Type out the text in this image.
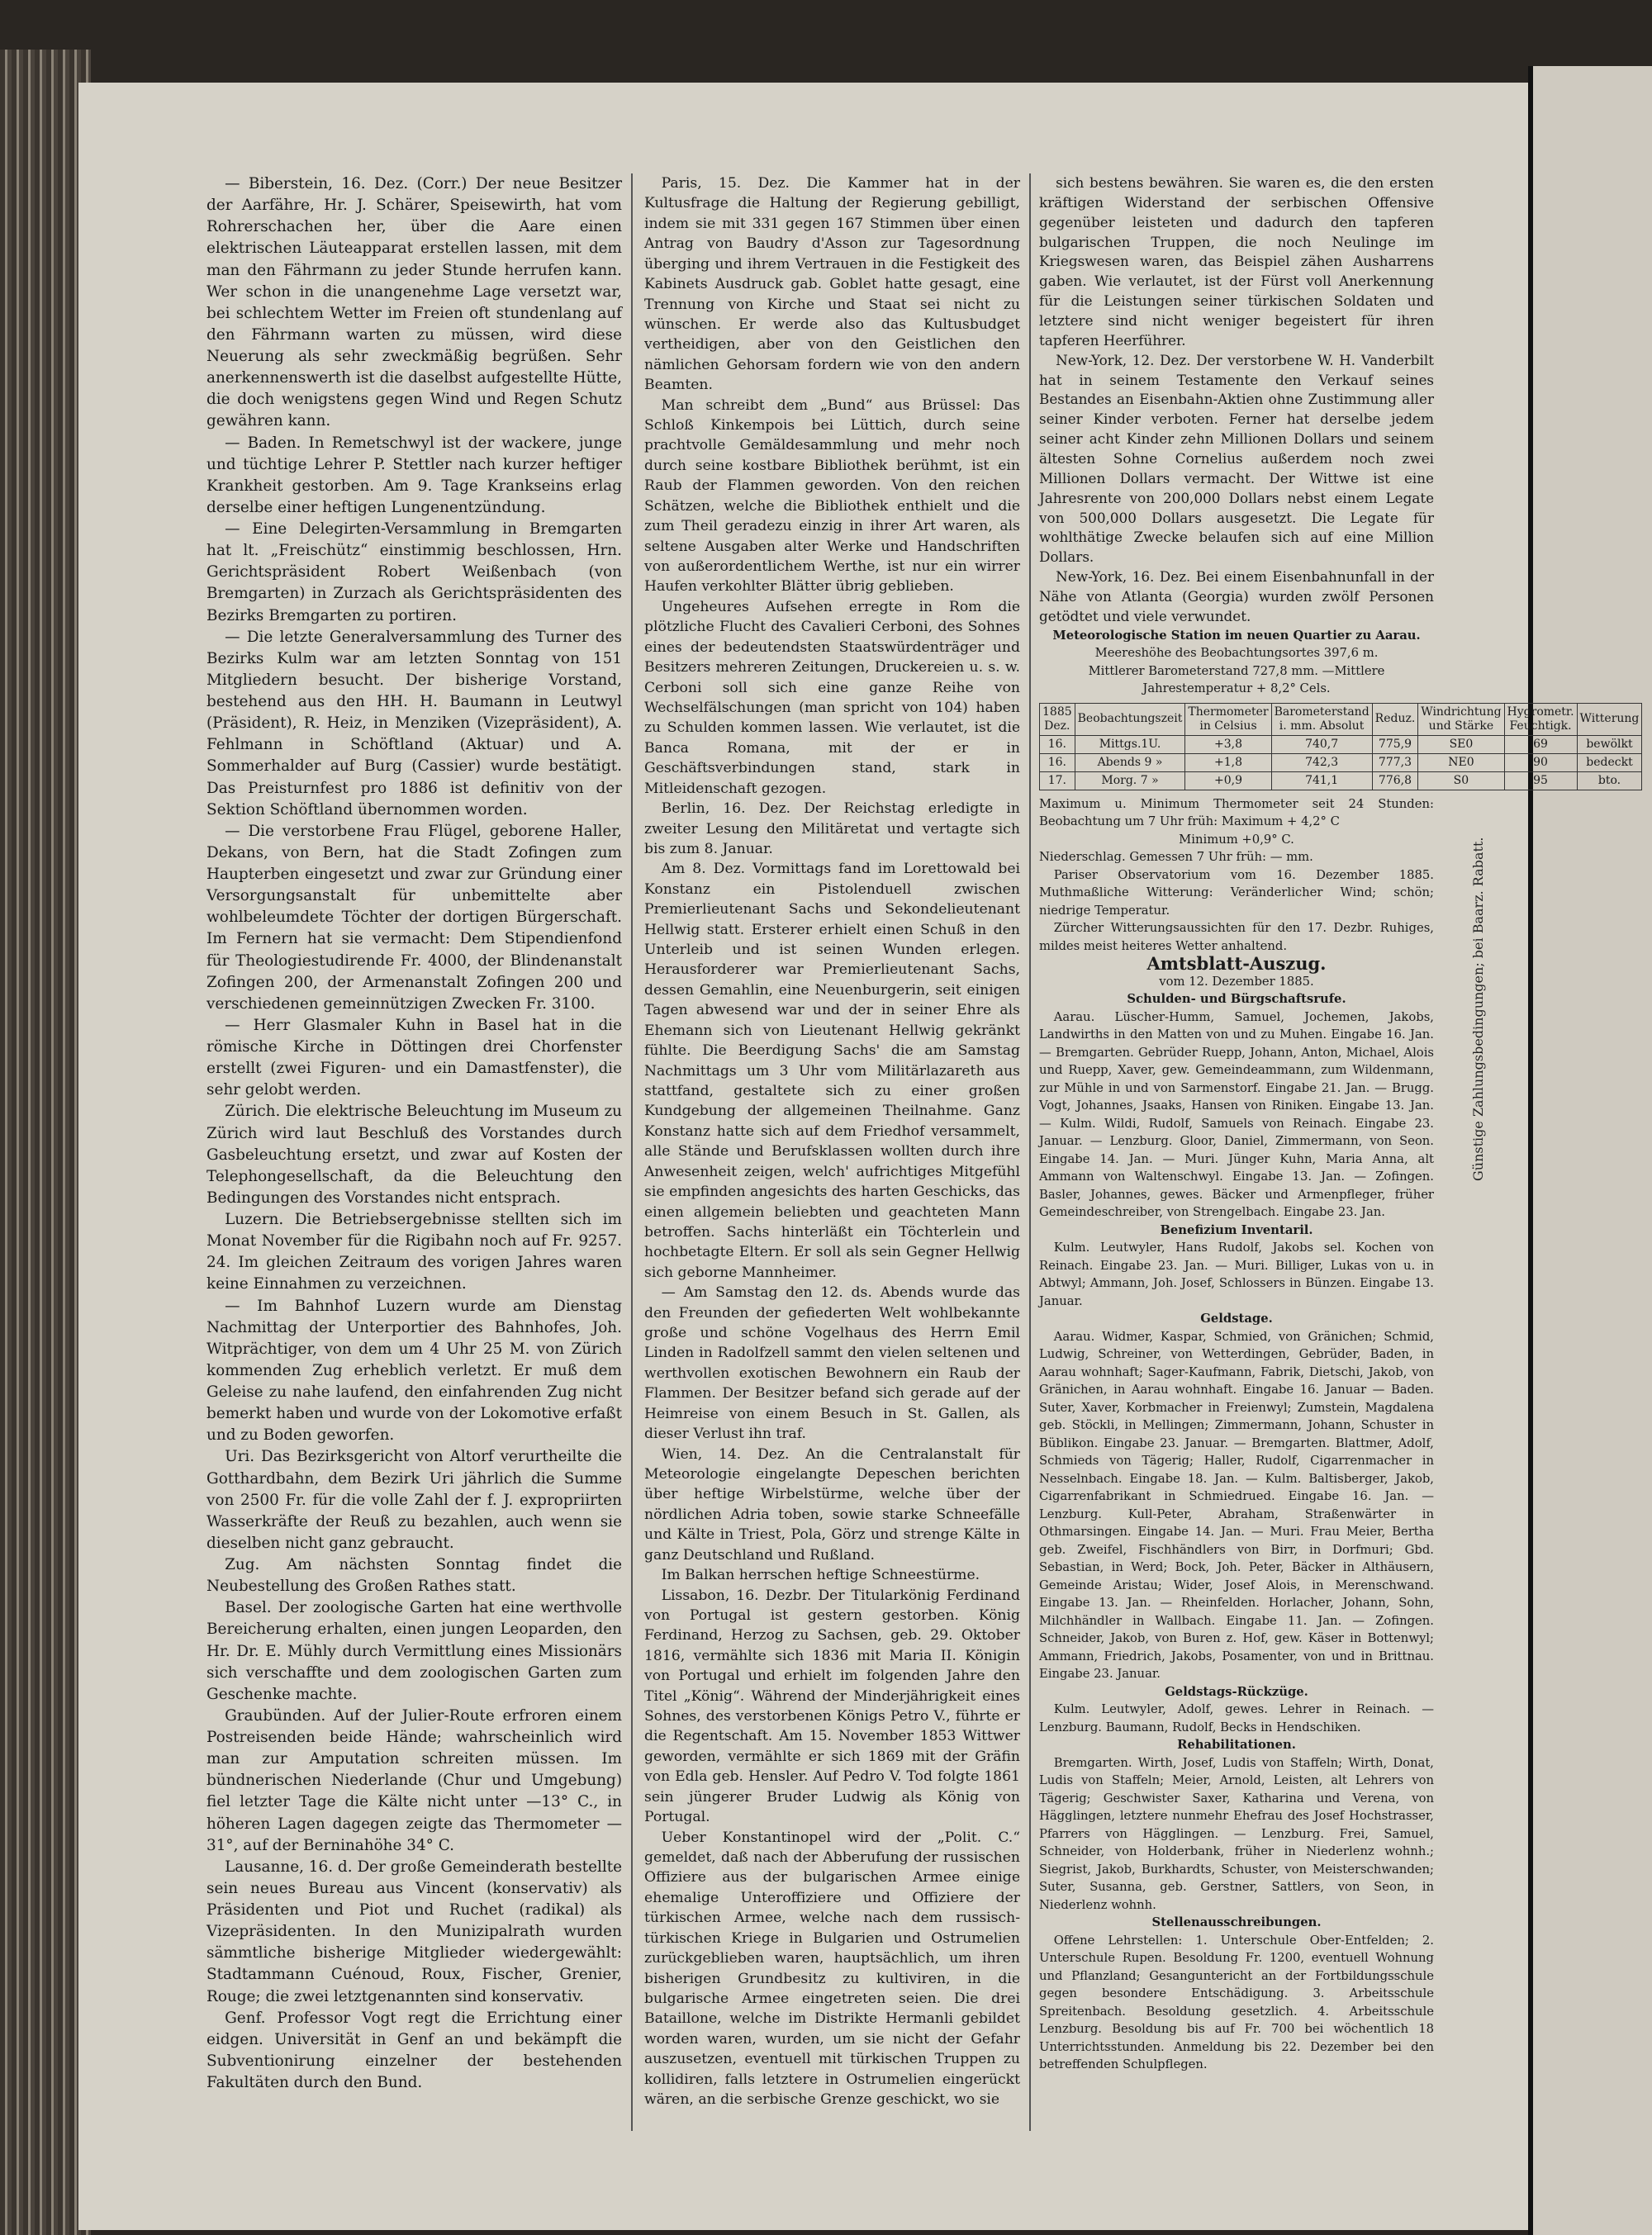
— Biberstein, 16. Dez. (Corr.) Der neue Besitzer der Aarfähre, Hr. J. Schärer, Speisewirth, hat vom Rohrerschachen her, über die Aare einen elektrischen Läuteapparat erstellen lassen, mit dem man den Fährmann zu jeder Stunde herrufen kann. Wer schon in die unangenehme Lage versetzt war, bei schlechtem Wetter im Freien oft stundenlang auf den Fährmann warten zu müssen, wird diese Neuerung als sehr zweckmäßig begrüßen. Sehr anerkennenswerth ist die daselbst aufgestellte Hütte, die doch wenigstens gegen Wind und Regen Schutz gewähren kann.

— Baden. In Remetschwyl ist der wackere, junge und tüchtige Lehrer P. Stettler nach kurzer heftiger Krankheit gestorben. Am 9. Tage Krankseins erlag derselbe einer heftigen Lungenentzündung.

— Eine Delegirten-Versammlung in Bremgarten hat lt. „Freischütz“ einstimmig beschlossen, Hrn. Gerichtspräsident Robert Weißenbach (von Bremgarten) in Zurzach als Gerichtspräsidenten des Bezirks Bremgarten zu portiren.

— Die letzte Generalversammlung des Turner des Bezirks Kulm war am letzten Sonntag von 151 Mitgliedern besucht. Der bisherige Vorstand, bestehend aus den HH. H. Baumann in Leutwyl (Präsident), R. Heiz, in Menziken (Vizepräsident), A. Fehlmann in Schöftland (Aktuar) und A. Sommerhalder auf Burg (Cassier) wurde bestätigt. Das Preisturnfest pro 1886 ist definitiv von der Sektion Schöftland übernommen worden.

— Die verstorbene Frau Flügel, geborene Haller, Dekans, von Bern, hat die Stadt Zofingen zum Haupterben eingesetzt und zwar zur Gründung einer Versorgungsanstalt für unbemittelte aber wohlbeleumdete Töchter der dortigen Bürgerschaft. Im Fernern hat sie vermacht: Dem Stipendienfond für Theologiestudirende Fr. 4000, der Blindenanstalt Zofingen 200, der Armenanstalt Zofingen 200 und verschiedenen gemeinnützigen Zwecken Fr. 3100.

— Herr Glasmaler Kuhn in Basel hat in die römische Kirche in Döttingen drei Chorfenster erstellt (zwei Figuren- und ein Damastfenster), die sehr gelobt werden.

Zürich. Die elektrische Beleuchtung im Museum zu Zürich wird laut Beschluß des Vorstandes durch Gasbeleuchtung ersetzt, und zwar auf Kosten der Telephongesellschaft, da die Beleuchtung den Bedingungen des Vorstandes nicht entsprach.

Luzern. Die Betriebsergebnisse stellten sich im Monat November für die Rigibahn noch auf Fr. 9257. 24. Im gleichen Zeitraum des vorigen Jahres waren keine Einnahmen zu verzeichnen.

— Im Bahnhof Luzern wurde am Dienstag Nachmittag der Unterportier des Bahnhofes, Joh. Witprächtiger, von dem um 4 Uhr 25 M. von Zürich kommenden Zug erheblich verletzt. Er muß dem Geleise zu nahe laufend, den einfahrenden Zug nicht bemerkt haben und wurde von der Lokomotive erfaßt und zu Boden geworfen.

Uri. Das Bezirksgericht von Altorf verurtheilte die Gotthardbahn, dem Bezirk Uri jährlich die Summe von 2500 Fr. für die volle Zahl der f. J. expropriirten Wasserkräfte der Reuß zu bezahlen, auch wenn sie dieselben nicht ganz gebraucht.

Zug. Am nächsten Sonntag findet die Neubestellung des Großen Rathes statt.

Basel. Der zoologische Garten hat eine werthvolle Bereicherung erhalten, einen jungen Leoparden, den Hr. Dr. E. Mühly durch Vermittlung eines Missionärs sich verschaffte und dem zoologischen Garten zum Geschenke machte.

Graubünden. Auf der Julier-Route erfroren einem Postreisenden beide Hände; wahrscheinlich wird man zur Amputation schreiten müssen. Im bündnerischen Niederlande (Chur und Umgebung) fiel letzter Tage die Kälte nicht unter —13° C., in höheren Lagen dagegen zeigte das Thermometer —31°, auf der Berninahöhe 34° C.

Lausanne, 16. d. Der große Gemeinderath bestellte sein neues Bureau aus Vincent (konservativ) als Präsidenten und Piot und Ruchet (radikal) als Vizepräsidenten. In den Munizipalrath wurden sämmtliche bisherige Mitglieder wiedergewählt: Stadtammann Cuénoud, Roux, Fischer, Grenier, Rouge; die zwei letztgenannten sind konservativ.

Genf. Professor Vogt regt die Errichtung einer eidgen. Universität in Genf an und bekämpft die Subventionirung einzelner der bestehenden Fakultäten durch den Bund.

Paris, 15. Dez. Die Kammer hat in der Kultusfrage die Haltung der Regierung gebilligt, indem sie mit 331 gegen 167 Stimmen über einen Antrag von Baudry d'Asson zur Tagesordnung überging und ihrem Vertrauen in die Festigkeit des Kabinets Ausdruck gab. Goblet hatte gesagt, eine Trennung von Kirche und Staat sei nicht zu wünschen. Er werde also das Kultusbudget vertheidigen, aber von den Geistlichen den nämlichen Gehorsam fordern wie von den andern Beamten.

Man schreibt dem „Bund“ aus Brüssel: Das Schloß Kinkempois bei Lüttich, durch seine prachtvolle Gemäldesammlung und mehr noch durch seine kostbare Bibliothek berühmt, ist ein Raub der Flammen geworden. Von den reichen Schätzen, welche die Bibliothek enthielt und die zum Theil geradezu einzig in ihrer Art waren, als seltene Ausgaben alter Werke und Handschriften von außerordentlichem Werthe, ist nur ein wirrer Haufen verkohlter Blätter übrig geblieben.

Ungeheures Aufsehen erregte in Rom die plötzliche Flucht des Cavalieri Cerboni, des Sohnes eines der bedeutendsten Staatswürdenträger und Besitzers mehreren Zeitungen, Druckereien u. s. w. Cerboni soll sich eine ganze Reihe von Wechselfälschungen (man spricht von 104) haben zu Schulden kommen lassen. Wie verlautet, ist die Banca Romana, mit der er in Geschäftsverbindungen stand, stark in Mitleidenschaft gezogen.

Berlin, 16. Dez. Der Reichstag erledigte in zweiter Lesung den Militäretat und vertagte sich bis zum 8. Januar.

Am 8. Dez. Vormittags fand im Lorettowald bei Konstanz ein Pistolenduell zwischen Premierlieutenant Sachs und Sekondelieutenant Hellwig statt. Ersterer erhielt einen Schuß in den Unterleib und ist seinen Wunden erlegen. Herausforderer war Premierlieutenant Sachs, dessen Gemahlin, eine Neuenburgerin, seit einigen Tagen abwesend war und der in seiner Ehre als Ehemann sich von Lieutenant Hellwig gekränkt fühlte. Die Beerdigung Sachs' die am Samstag Nachmittags um 3 Uhr vom Militärlazareth aus stattfand, gestaltete sich zu einer großen Kundgebung der allgemeinen Theilnahme. Ganz Konstanz hatte sich auf dem Friedhof versammelt, alle Stände und Berufsklassen wollten durch ihre Anwesenheit zeigen, welch' aufrichtiges Mitgefühl sie empfinden angesichts des harten Geschicks, das einen allgemein beliebten und geachteten Mann betroffen. Sachs hinterläßt ein Töchterlein und hochbetagte Eltern. Er soll als sein Gegner Hellwig sich geborne Mannheimer.

— Am Samstag den 12. ds. Abends wurde das den Freunden der gefiederten Welt wohlbekannte große und schöne Vogelhaus des Herrn Emil Linden in Radolfzell sammt den vielen seltenen und werthvollen exotischen Bewohnern ein Raub der Flammen. Der Besitzer befand sich gerade auf der Heimreise von einem Besuch in St. Gallen, als dieser Verlust ihn traf.

Wien, 14. Dez. An die Centralanstalt für Meteorologie eingelangte Depeschen berichten über heftige Wirbelstürme, welche über der nördlichen Adria toben, sowie starke Schneefälle und Kälte in Triest, Pola, Görz und strenge Kälte in ganz Deutschland und Rußland.

Im Balkan herrschen heftige Schneestürme.

Lissabon, 16. Dezbr. Der Titularkönig Ferdinand von Portugal ist gestern gestorben. König Ferdinand, Herzog zu Sachsen, geb. 29. Oktober 1816, vermählte sich 1836 mit Maria II. Königin von Portugal und erhielt im folgenden Jahre den Titel „König“. Während der Minderjährigkeit eines Sohnes, des verstorbenen Königs Petro V., führte er die Regentschaft. Am 15. November 1853 Wittwer geworden, vermählte er sich 1869 mit der Gräfin von Edla geb. Hensler. Auf Pedro V. Tod folgte 1861 sein jüngerer Bruder Ludwig als König von Portugal.

Ueber Konstantinopel wird der „Polit. C.“ gemeldet, daß nach der Abberufung der russischen Offiziere aus der bulgarischen Armee einige ehemalige Unteroffiziere und Offiziere der türkischen Armee, welche nach dem russisch-türkischen Kriege in Bulgarien und Ostrumelien zurückgeblieben waren, hauptsächlich, um ihren bisherigen Grundbesitz zu kultiviren, in die bulgarische Armee eingetreten seien. Die drei Bataillone, welche im Distrikte Hermanli gebildet worden waren, wurden, um sie nicht der Gefahr auszusetzen, eventuell mit türkischen Truppen zu kollidiren, falls letztere in Ostrumelien eingerückt wären, an die serbische Grenze geschickt, wo sie

sich bestens bewähren. Sie waren es, die den ersten kräftigen Widerstand der serbischen Offensive gegenüber leisteten und dadurch den tapferen bulgarischen Truppen, die noch Neulinge im Kriegswesen waren, das Beispiel zähen Ausharrens gaben. Wie verlautet, ist der Fürst voll Anerkennung für die Leistungen seiner türkischen Soldaten und letztere sind nicht weniger begeistert für ihren tapferen Heerführer.

New-York, 12. Dez. Der verstorbene W. H. Vanderbilt hat in seinem Testamente den Verkauf seines Bestandes an Eisenbahn-Aktien ohne Zustimmung aller seiner Kinder verboten. Ferner hat derselbe jedem seiner acht Kinder zehn Millionen Dollars und seinem ältesten Sohne Cornelius außerdem noch zwei Millionen Dollars vermacht. Der Wittwe ist eine Jahresrente von 200,000 Dollars nebst einem Legate von 500,000 Dollars ausgesetzt. Die Legate für wohlthätige Zwecke belaufen sich auf eine Million Dollars.

New-York, 16. Dez. Bei einem Eisenbahnunfall in der Nähe von Atlanta (Georgia) wurden zwölf Personen getödtet und viele verwundet.

Meteorologische Station im neuen Quartier zu Aarau.

Meereshöhe des Beobachtungsortes 397,6 m.

Mittlerer Barometerstand 727,8 mm. —Mittlere Jahrestemperatur + 8,2° Cels.

1885 Dez.	Beobachtungszeit	Thermometer in Celsius	Barometerstand i. mm. Absolut	Reduz.	Windrichtung und Stärke	Hygrometr. Feuchtigk.	Witterung
16.	Mittgs.1U.	+3,8	740,7	775,9	SE0	69	bewölkt
16.	Abends 9 »	+1,8	742,3	777,3	NE0	90	bedeckt
17.	Morg. 7 »	+0,9	741,1	776,8	S0	95	bto.

Maximum u. Minimum Thermometer seit 24 Stunden: Beobachtung um 7 Uhr früh: Maximum + 4,2° C

Minimum +0,9° C.

Niederschlag. Gemessen 7 Uhr früh: — mm.

Pariser Observatorium vom 16. Dezember 1885. Muthmaßliche Witterung: Veränderlicher Wind; schön; niedrige Temperatur.

Zürcher Witterungsaussichten für den 17. Dezbr. Ruhiges, mildes meist heiteres Wetter anhaltend.

Amtsblatt-Auszug.

vom 12. Dezember 1885.

Schulden- und Bürgschaftsrufe.

Aarau. Lüscher-Humm, Samuel, Jochemen, Jakobs, Landwirths in den Matten von und zu Muhen. Eingabe 16. Jan. — Bremgarten. Gebrüder Ruepp, Johann, Anton, Michael, Alois und Ruepp, Xaver, gew. Gemeindeammann, zum Wildenmann, zur Mühle in und von Sarmenstorf. Eingabe 21. Jan. — Brugg. Vogt, Johannes, Jsaaks, Hansen von Riniken. Eingabe 13. Jan. — Kulm. Wildi, Rudolf, Samuels von Reinach. Eingabe 23. Januar. — Lenzburg. Gloor, Daniel, Zimmermann, von Seon. Eingabe 14. Jan. — Muri. Jünger Kuhn, Maria Anna, alt Ammann von Waltenschwyl. Eingabe 13. Jan. — Zofingen. Basler, Johannes, gewes. Bäcker und Armenpfleger, früher Gemeindeschreiber, von Strengelbach. Eingabe 23. Jan.

Benefizium Inventaril.

Kulm. Leutwyler, Hans Rudolf, Jakobs sel. Kochen von Reinach. Eingabe 23. Jan. — Muri. Billiger, Lukas von u. in Abtwyl; Ammann, Joh. Josef, Schlossers in Bünzen. Eingabe 13. Januar.

Geldstage.

Aarau. Widmer, Kaspar, Schmied, von Gränichen; Schmid, Ludwig, Schreiner, von Wetterdingen, Gebrüder, Baden, in Aarau wohnhaft; Sager-Kaufmann, Fabrik, Dietschi, Jakob, von Gränichen, in Aarau wohnhaft. Eingabe 16. Januar — Baden. Suter, Xaver, Korbmacher in Freienwyl; Zumstein, Magdalena geb. Stöckli, in Mellingen; Zimmermann, Johann, Schuster in Büblikon. Eingabe 23. Januar. — Bremgarten. Blattmer, Adolf, Schmieds von Tägerig; Haller, Rudolf, Cigarrenmacher in Nesselnbach. Eingabe 18. Jan. — Kulm. Baltisberger, Jakob, Cigarrenfabrikant in Schmiedrued. Eingabe 16. Jan. — Lenzburg. Kull-Peter, Abraham, Straßenwärter in Othmarsingen. Eingabe 14. Jan. — Muri. Frau Meier, Bertha geb. Zweifel, Fischhändlers von Birr, in Dorfmuri; Gbd. Sebastian, in Werd; Bock, Joh. Peter, Bäcker in Althäusern, Gemeinde Aristau; Wider, Josef Alois, in Merenschwand. Eingabe 13. Jan. — Rheinfelden. Horlacher, Johann, Sohn, Milchhändler in Wallbach. Eingabe 11. Jan. — Zofingen. Schneider, Jakob, von Buren z. Hof, gew. Käser in Bottenwyl; Ammann, Friedrich, Jakobs, Posamenter, von und in Brittnau. Eingabe 23. Januar.

Geldstags-Rückzüge.

Kulm. Leutwyler, Adolf, gewes. Lehrer in Reinach. — Lenzburg. Baumann, Rudolf, Becks in Hendschiken.

Rehabilitationen.

Bremgarten. Wirth, Josef, Ludis von Staffeln; Wirth, Donat, Ludis von Staffeln; Meier, Arnold, Leisten, alt Lehrers von Tägerig; Geschwister Saxer, Katharina und Verena, von Hägglingen, letztere nunmehr Ehefrau des Josef Hochstrasser, Pfarrers von Hägglingen. — Lenzburg. Frei, Samuel, Schneider, von Holderbank, früher in Niederlenz wohnh.; Siegrist, Jakob, Burkhardts, Schuster, von Meisterschwanden; Suter, Susanna, geb. Gerstner, Sattlers, von Seon, in Niederlenz wohnh.

Stellenausschreibungen.

Offene Lehrstellen: 1. Unterschule Ober-Entfelden; 2. Unterschule Rupen. Besoldung Fr. 1200, eventuell Wohnung und Pflanzland; Gesanguntericht an der Fortbildungsschule gegen besondere Entschädigung. 3. Arbeitsschule Spreitenbach. Besoldung gesetzlich. 4. Arbeitsschule Lenzburg. Besoldung bis auf Fr. 700 bei wöchentlich 18 Unterrichtsstunden. Anmeldung bis 22. Dezember bei den betreffenden Schulpflegen.

Günstige Zahlungsbedingungen; bei Baarz. Rabatt.
